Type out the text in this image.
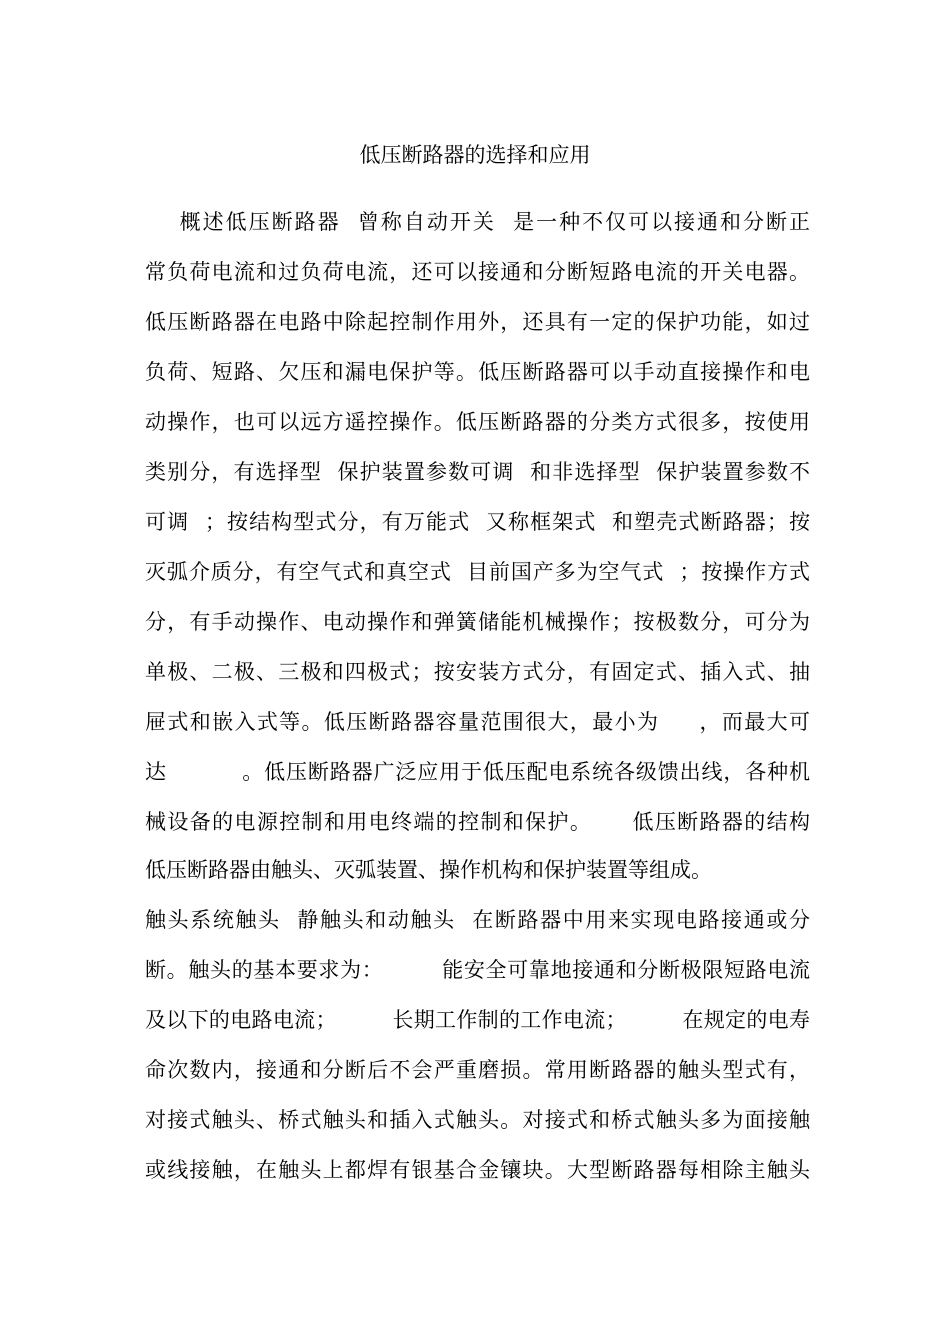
低压断路器的选择和应用
概述低压断路器  曾称自动开关  是一种不仅可以接通和分断正
常负荷电流和过负荷电流，还可以接通和分断短路电流的开关电器。
低压断路器在电路中除起控制作用外，还具有一定的保护功能，如过
负荷、短路、欠压和漏电保护等。低压断路器可以手动直接操作和电
动操作，也可以远方遥控操作。低压断路器的分类方式很多，按使用
类别分，有选择型  保护装置参数可调  和非选择型  保护装置参数不
可调  ；按结构型式分，有万能式  又称框架式  和塑壳式断路器；按
灭弧介质分，有空气式和真空式  目前国产多为空气式  ；按操作方式
分，有手动操作、电动操作和弹簧储能机械操作；按极数分，可分为
单极、二极、三极和四极式；按安装方式分，有固定式、插入式、抽
屉式和嵌入式等。低压断路器容量范围很大，最小为     ，而最大可
达          。低压断路器广泛应用于低压配电系统各级馈出线，各种机
械设备的电源控制和用电终端的控制和保护。     低压断路器的结构
低压断路器由触头、灭弧装置、操作机构和保护装置等组成。
触头系统触头  静触头和动触头  在断路器中用来实现电路接通或分
断。触头的基本要求为：        能安全可靠地接通和分断极限短路电流
及以下的电路电流；        长期工作制的工作电流；        在规定的电寿
命次数内，接通和分断后不会严重磨损。常用断路器的触头型式有，
对接式触头、桥式触头和插入式触头。对接式和桥式触头多为面接触
或线接触，在触头上都焊有银基合金镶块。大型断路器每相除主触头
